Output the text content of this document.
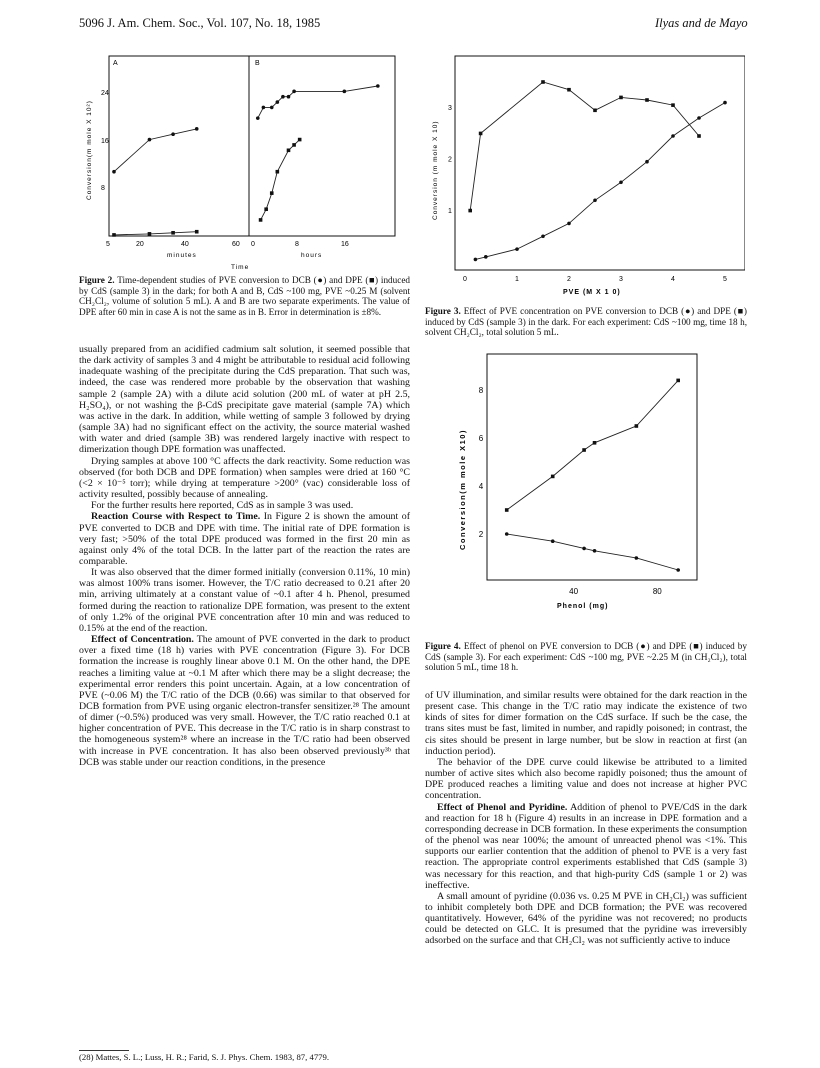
5096 J. Am. Chem. Soc., Vol. 107, No. 18, 1985	Ilyas and de Mayo
A	B
Conversion(m mole X 10²)
24
16
8
5	20	40	60 0	8	16
minutes	hours
Time
Figure 2. Time-dependent studies of PVE conversion to DCB (●) and DPE (■) induced by CdS (sample 3) in the dark; for both A and B, CdS ~100 mg, PVE ~0.25 M (solvent CH₂Cl₂, volume of solution 5 mL). A and B are two separate experiments. The value of DPE after 60 min in case A is not the same as in B. Error in determination is ±8%.
Conversion (m mole X 10)
PVE (M X 1 0)
0	1	2	3	4	5
1
2
3
Figure 3. Effect of PVE concentration on PVE conversion to DCB (●) and DPE (■) induced by CdS (sample 3) in the dark. For each experiment: CdS ~100 mg, time 18 h, solvent CH₂Cl₂, total solution 5 mL.
Conversion(m mole X10)
Phenol (mg)
40	80
2
4
6
8
Figure 4. Effect of phenol on PVE conversion to DCB (●) and DPE (■) induced by CdS (sample 3). For each experiment: CdS ~100 mg, PVE ~2.25 M (in CH₂Cl₂), total solution 5 mL, time 18 h.

usually prepared from an acidified cadmium salt solution, it seemed possible that the dark activity of samples 3 and 4 might be attributable to residual acid following inadequate washing of the precipitate during the CdS preparation. That such was, indeed, the case was rendered more probable by the observation that washing sample 2 (sample 2A) with a dilute acid solution (200 mL of water at pH 2.5, H₂SO₄), or not washing the β-CdS precipitate gave material (sample 7A) which was active in the dark. In addition, while wetting of sample 3 followed by drying (sample 3A) had no significant effect on the activity, the source material washed with water and dried (sample 3B) was rendered largely inactive with respect to dimerization though DPE formation was unaffected.

Drying samples at above 100 °C affects the dark reactivity. Some reduction was observed (for both DCB and DPE formation) when samples were dried at 160 °C (<2 × 10⁻⁵ torr); while drying at temperature >200° (vac) considerable loss of activity resulted, possibly because of annealing.

For the further results here reported, CdS as in sample 3 was used.

Reaction Course with Respect to Time. In Figure 2 is shown the amount of PVE converted to DCB and DPE with time. The initial rate of DPE formation is very fast; >50% of the total DPE produced was formed in the first 20 min as against only 4% of the total DCB. In the latter part of the reaction the rates are comparable.

It was also observed that the dimer formed initially (conversion 0.11%, 10 min) was almost 100% trans isomer. However, the T/C ratio decreased to 0.21 after 20 min, arriving ultimately at a constant value of ~0.1 after 4 h. Phenol, presumed formed during the reaction to rationalize DPE formation, was present to the extent of only 1.2% of the original PVE concentration after 10 min and was reduced to 0.15% at the end of the reaction.

Effect of Concentration. The amount of PVE converted in the dark to product over a fixed time (18 h) varies with PVE concentration (Figure 3). For DCB formation the increase is roughly linear above 0.1 M. On the other hand, the DPE reaches a limiting value at ~0.1 M after which there may be a slight decrease; the experimental error renders this point uncertain. Again, at a low concentration of PVE (~0.06 M) the T/C ratio of the DCB (0.66) was similar to that observed for DCB formation from PVE using organic electron-transfer sensitizer.²⁸ The amount of dimer (~0.5%) produced was very small. However, the T/C ratio reached 0.1 at higher concentration of PVE. This decrease in the T/C ratio is in sharp constrast to the homogeneous system²⁸ where an increase in the T/C ratio had been observed with increase in PVE concentration. It has also been observed previously³ᵇ that DCB was stable under our reaction conditions, in the presence

of UV illumination, and similar results were obtained for the dark reaction in the present case. This change in the T/C ratio may indicate the existence of two kinds of sites for dimer formation on the CdS surface. If such be the case, the trans sites must be fast, limited in number, and rapidly poisoned; in contrast, the cis sites should be present in large number, but be slow in reaction at first (an induction period).

The behavior of the DPE curve could likewise be attributed to a limited number of active sites which also become rapidly poisoned; thus the amount of DPE produced reaches a limiting value and does not increase at higher PVC concentration.

Effect of Phenol and Pyridine. Addition of phenol to PVE/CdS in the dark and reaction for 18 h (Figure 4) results in an increase in DPE formation and a corresponding decrease in DCB formation. In these experiments the consumption of the phenol was near 100%; the amount of unreacted phenol was <1%. This supports our earlier contention that the addition of phenol to PVE is a very fast reaction. The appropriate control experiments established that CdS (sample 3) was necessary for this reaction, and that high-purity CdS (sample 1 or 2) was ineffective.

A small amount of pyridine (0.036 vs. 0.25 M PVE in CH₂Cl₂) was sufficient to inhibit completely both DPE and DCB formation; the PVE was recovered quantitatively. However, 64% of the pyridine was not recovered; no products could be detected on GLC. It is presumed that the pyridine was irreversibly adsorbed on the surface and that CH₂Cl₂ was not sufficiently active to induce

(28) Mattes, S. L.; Luss, H. R.; Farid, S. J. Phys. Chem. 1983, 87, 4779.
